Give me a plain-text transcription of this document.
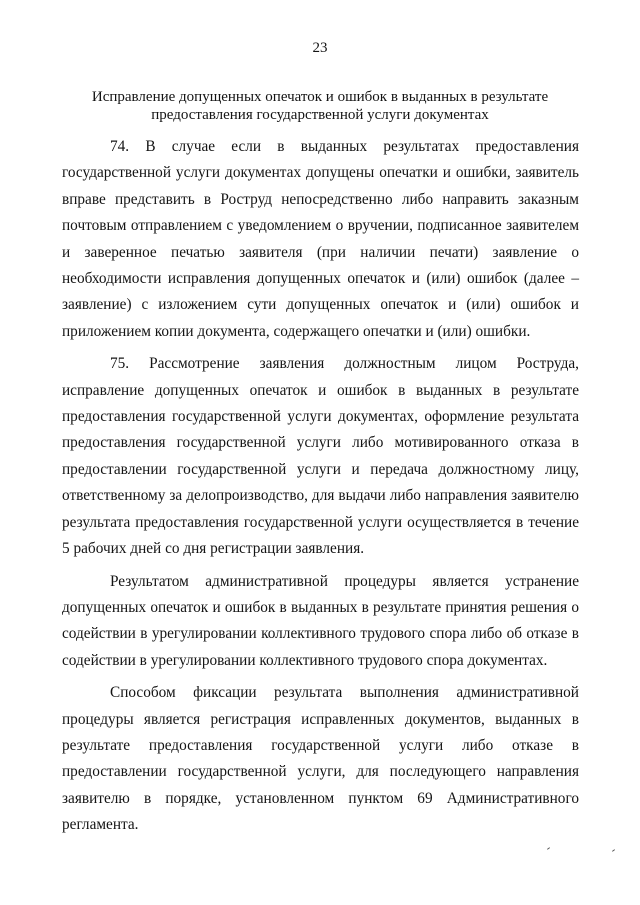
23
Исправление допущенных опечаток и ошибок в выданных в результате
предоставления государственной услуги документах

74. В случае если в выданных результатах предоставления государственной услуги документах допущены опечатки и ошибки, заявитель вправе представить в Роструд непосредственно либо направить заказным почтовым отправлением с уведомлением о вручении, подписанное заявителем и заверенное печатью заявителя (при наличии печати) заявление о необходимости исправления допущенных опечаток и (или) ошибок (далее – заявление) с изложением сути допущенных опечаток и (или) ошибок и приложением копии документа, содержащего опечатки и (или) ошибки.

75. Рассмотрение заявления должностным лицом Роструда, исправление допущенных опечаток и ошибок в выданных в результате предоставления государственной услуги документах, оформление результата предоставления государственной услуги либо мотивированного отказа в предоставлении государственной услуги и передача должностному лицу, ответственному за делопроизводство, для выдачи либо направления заявителю результата предоставления государственной услуги осуществляется в течение 5 рабочих дней со дня регистрации заявления.

Результатом административной процедуры является устранение допущенных опечаток и ошибок в выданных в результате принятия решения о содействии в урегулировании коллективного трудового спора либо об отказе в содействии в урегулировании коллективного трудового спора документах.

Способом фиксации результата выполнения административной процедуры является регистрация исправленных документов, выданных в результате предоставления государственной услуги либо отказе в предоставлении государственной услуги, для последующего направления заявителю в порядке, установленном пунктом 69 Административного регламента.
